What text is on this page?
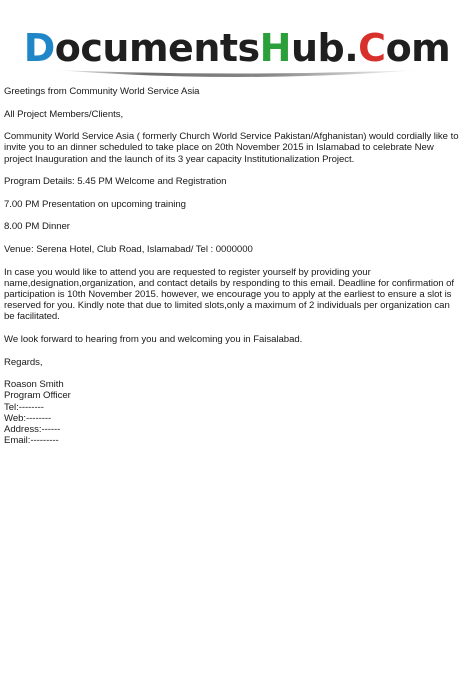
DocumentsHub.Com

Greetings from Community World Service Asia

All Project Members/Clients,

Community World Service Asia ( formerly Church World Service Pakistan/Afghanistan) would cordially like to invite you to an dinner scheduled to take place on 20th November 2015 in Islamabad to celebrate New project Inauguration and the launch of its 3 year capacity Institutionalization Project.

Program Details: 5.45 PM Welcome and Registration

7.00 PM Presentation on upcoming training

8.00 PM Dinner

Venue: Serena Hotel, Club Road, Islamabad/ Tel : 0000000

In case you would like to attend you are requested to register yourself by providing your name,designation,organization, and contact details by responding to this email. Deadline for confirmation of participation is 10th November 2015. however, we encourage you to apply at the earliest to ensure a slot is reserved for you. Kindly note that due to limited slots,only a maximum of 2 individuals per organization can be facilitated.

We look forward to hearing from you and welcoming you in Faisalabad.

Regards,

Roason Smith

Program Officer

Tel:--------

Web:--------

Address:------

Email:---------
